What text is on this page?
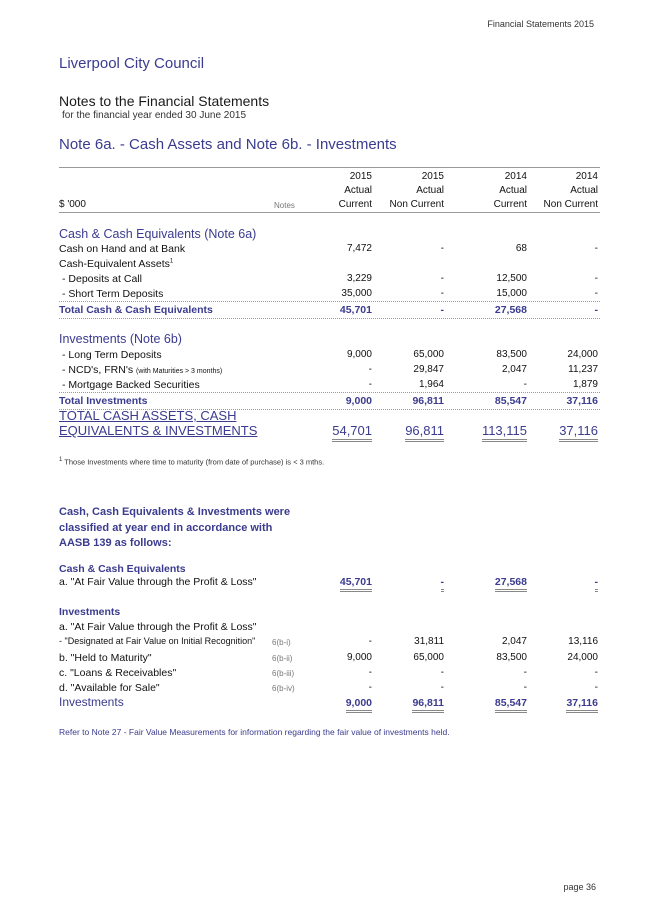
Financial Statements 2015
Liverpool City Council
Notes to the Financial Statements
for the financial year ended 30 June 2015
Note 6a. - Cash Assets and Note 6b. - Investments
2015	2015	2014	2014
Actual	Actual	Actual	Actual
$ '000	Notes	Current Non Current	Current Non Current
Cash & Cash Equivalents (Note 6a)
Cash on Hand and at Bank	7,472	-	68	-
Cash-Equivalent Assets$^1$
- Deposits at Call	3,229	-	12,500	-
- Short Term Deposits	35,000	-	15,000	-
Total Cash & Cash Equivalents	45,701	-	27,568	-
Investments (Note 6b)
- Long Term Deposits	9,000	65,000	83,500	24,000
- NCD's, FRN's (with Maturities > 3 months)	-	29,847	2,047	11,237
- Mortgage Backed Securities	-	1,964	-	1,879
Total Investments	9,000	96,811	85,547	37,116
TOTAL CASH ASSETS, CASH
EQUIVALENTS & INVESTMENTS	54,701	96,811	113,115 37,116
$^1$ Those Investments where time to maturity (from date of purchase) is < 3 mths.
Cash, Cash Equivalents & Investments were
classified at year end in accordance with
AASB 139 as follows:
Cash & Cash Equivalents
a. "At Fair Value through the Profit & Loss"	45,701	-	27,568	-
Investments
a. "At Fair Value through the Profit & Loss"
- "Designated at Fair Value on Initial Recognition" 6(b-i)	-	31,811	2,047	13,116
b. "Held to Maturity"	6(b-ii)	9,000	65,000	83,500	24,000
c. "Loans & Receivables"	6(b-iii)	-	-	-	-
d. "Available for Sale"	6(b-iv)	-	-	-	-
Investments	9,000	96,811	85,547	37,116
Refer to Note 27 - Fair Value Measurements for information regarding the fair value of investments held.
page 36
